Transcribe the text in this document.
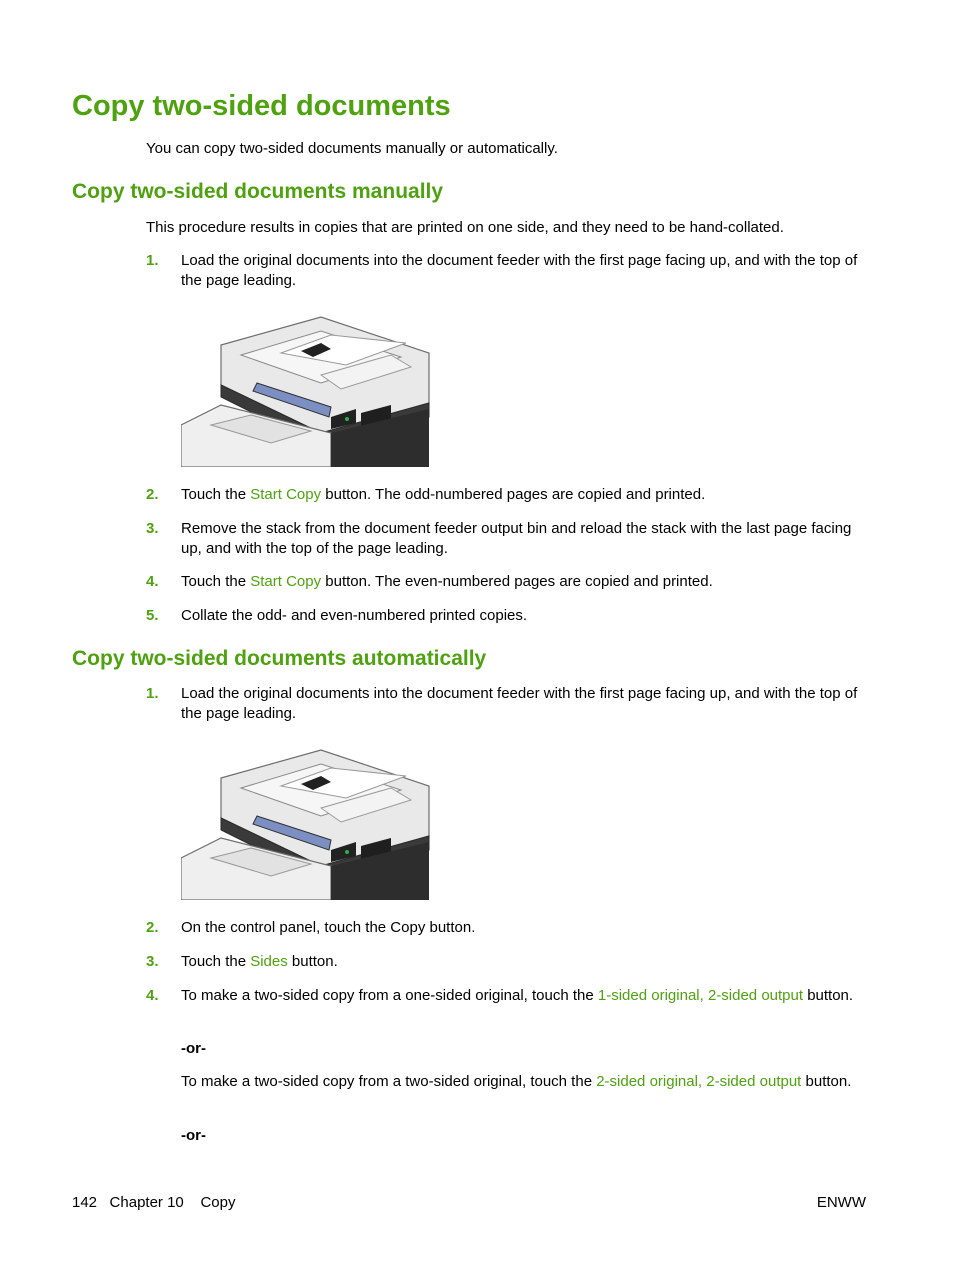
Copy two-sided documents

You can copy two-sided documents manually or automatically.

Copy two-sided documents manually

This procedure results in copies that are printed on one side, and they need to be hand-collated.

1. Load the original documents into the document feeder with the first page facing up, and with the top of the page leading.
2. Touch the Start Copy button. The odd-numbered pages are copied and printed.
3. Remove the stack from the document feeder output bin and reload the stack with the last page facing up, and with the top of the page leading.
4. Touch the Start Copy button. The even-numbered pages are copied and printed.
5. Collate the odd- and even-numbered printed copies.
Copy two-sided documents automatically
1. Load the original documents into the document feeder with the first page facing up, and with the top of the page leading.
2. On the control panel, touch the Copy button.
3. Touch the Sides button.
4. To make a two-sided copy from a one-sided original, touch the 1-sided original, 2-sided output button.
-or-
To make a two-sided copy from a two-sided original, touch the 2-sided original, 2-sided output button.
-or-
142 Chapter 10 Copy	ENWW
